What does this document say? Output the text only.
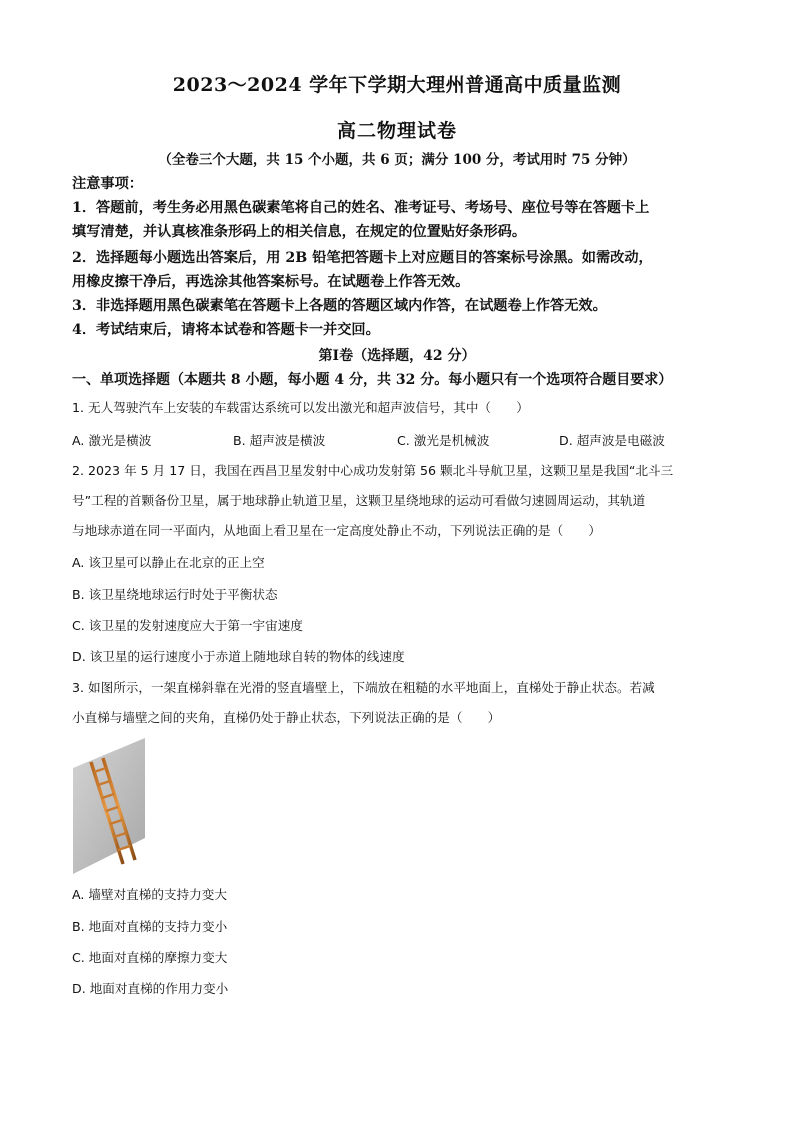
2023～2024 学年下学期大理州普通高中质量监测
高二物理试卷
（全卷三个大题，共 15 个小题，共 6 页；满分 100 分，考试用时 75 分钟）
注意事项：
1．答题前，考生务必用黑色碳素笔将自己的姓名、准考证号、考场号、座位号等在答题卡上
填写清楚，并认真核准条形码上的相关信息，在规定的位置贴好条形码。
2．选择题每小题选出答案后，用 2B 铅笔把答题卡上对应题目的答案标号涂黑。如需改动，
用橡皮擦干净后，再选涂其他答案标号。在试题卷上作答无效。
3．非选择题用黑色碳素笔在答题卡上各题的答题区域内作答，在试题卷上作答无效。
4．考试结束后，请将本试卷和答题卡一并交回。
第Ⅰ卷（选择题，42 分）
一、单项选择题（本题共 8 小题，每小题 4 分，共 32 分。每小题只有一个选项符合题目要求）
1. 无人驾驶汽车上安装的车载雷达系统可以发出激光和超声波信号，其中（　　）
A. 激光是横波	B. 超声波是横波	C. 激光是机械波	D. 超声波是电磁波
2. 2023 年 5 月 17 日，我国在西昌卫星发射中心成功发射第 56 颗北斗导航卫星，这颗卫星是我国“北斗三
号”工程的首颗备份卫星，属于地球静止轨道卫星，这颗卫星绕地球的运动可看做匀速圆周运动，其轨道
与地球赤道在同一平面内，从地面上看卫星在一定高度处静止不动，下列说法正确的是（　　）
A. 该卫星可以静止在北京的正上空
B. 该卫星绕地球运行时处于平衡状态
C. 该卫星的发射速度应大于第一宇宙速度
D. 该卫星的运行速度小于赤道上随地球自转的物体的线速度
3. 如图所示，一架直梯斜靠在光滑的竖直墙壁上，下端放在粗糙的水平地面上，直梯处于静止状态。若减
小直梯与墙壁之间的夹角，直梯仍处于静止状态，下列说法正确的是（　　）
A. 墙壁对直梯的支持力变大
B. 地面对直梯的支持力变小
C. 地面对直梯的摩擦力变大
D. 地面对直梯的作用力变小
